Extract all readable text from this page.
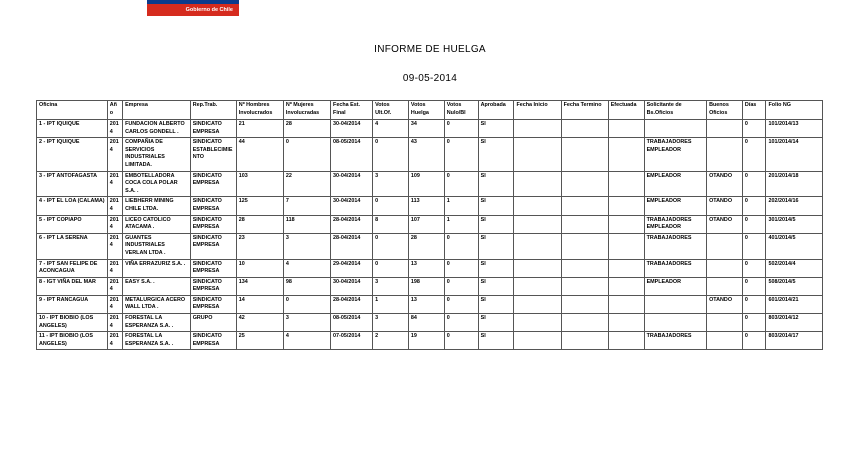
Gobierno de Chile
INFORME DE HUELGA
09-05-2014
Oficina	Año	Empresa	Rep.Trab.	Nº Hombres Involucrados	Nº Mujeres Involucradas	Fecha Est. Final	Votos Ult.Of.	Votos Huelga	Votos Nulo/Bl	Aprobada	Fecha Inicio	Fecha Termino	Efectuada	Solicitante de Bs.Oficios	Buenos Oficios	Días	Folio NG
1 - IPT IQUIQUE	2014	FUNDACION ALBERTO CARLOS GONDELL .	SINDICATO EMPRESA	21	28	30-04/2014	4	34	0	SI						0	101/2014/13
2 - IPT IQUIQUE	2014	COMPAÑIA DE SERVICIOS INDUSTRIALES LIMITADA.	SINDICATO ESTABLECIMIENTO	44	0	08-05/2014	0	43	0	SI				TRABAJADORES EMPLEADOR		0	101/2014/14
3 - IPT ANTOFAGASTA	2014	EMBOTELLADORA COCA COLA POLAR S.A. .	SINDICATO EMPRESA	103	22	30-04/2014	3	109	0	SI				EMPLEADOR	OTANDO	0	201/2014/18
4 - IPT EL LOA (CALAMA)	2014	LIEBHERR MINING CHILE LTDA.	SINDICATO EMPRESA	125	7	30-04/2014	0	113	1	SI				EMPLEADOR	OTANDO	0	202/2014/16
5 - IPT COPIAPO	2014	LICEO CATOLICO ATACAMA .	SINDICATO EMPRESA	28	118	28-04/2014	8	107	1	SI				TRABAJADORES EMPLEADOR	OTANDO	0	301/2014/5
6 - IPT LA SERENA	2014	GUANTES INDUSTRIALES VERLAN LTDA .	SINDICATO EMPRESA	23	3	28-04/2014	0	28	0	SI				TRABAJADORES		0	401/2014/5
7 - IPT SAN FELIPE DE ACONCAGUA	2014	VIÑA ERRAZURIZ S.A. .	SINDICATO EMPRESA	10	4	29-04/2014	0	13	0	SI				TRABAJADORES		0	502/2014/4
8 - IGT VIÑA DEL MAR	2014	EASY S.A. .	SINDICATO EMPRESA	134	98	30-04/2014	3	198	0	SI				EMPLEADOR		0	508/2014/5
9 - IPT RANCAGUA	2014	METALURGICA ACERO WALL LTDA .	SINDICATO EMPRESA	14	0	28-04/2014	1	13	0	SI					OTANDO	0	601/2014/21
10 - IPT BIOBIO (LOS ANGELES)	2014	FORESTAL LA ESPERANZA S.A. .	GRUPO	42	3	08-05/2014	3	84	0	SI						0	803/2014/12
11 - IPT BIOBIO (LOS ANGELES)	2014	FORESTAL LA ESPERANZA S.A. .	SINDICATO EMPRESA	25	4	07-05/2014	2	19	0	SI				TRABAJADORES		0	803/2014/17
